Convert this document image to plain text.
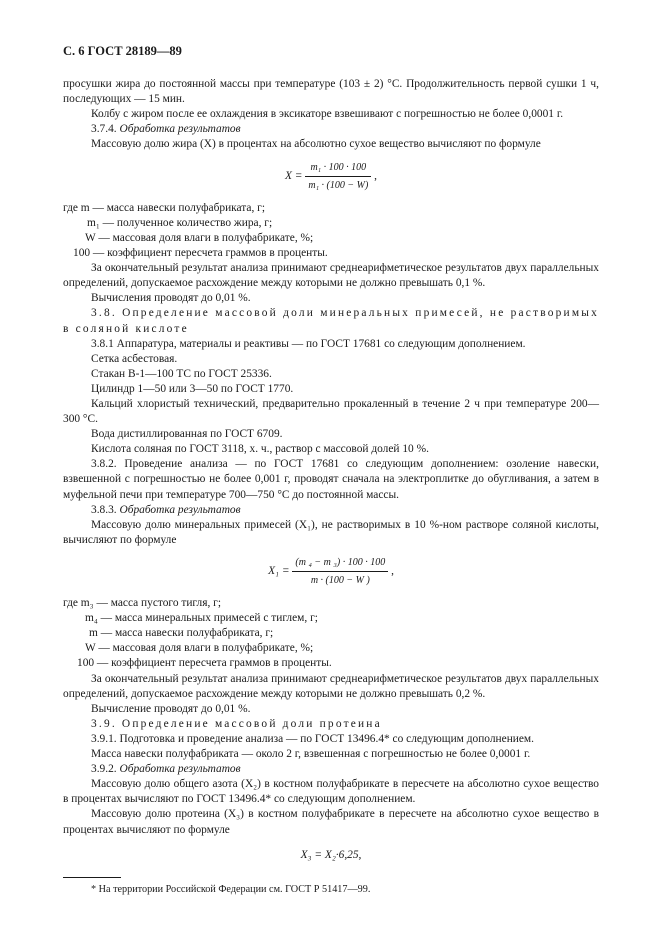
С. 6 ГОСТ 28189—89

просушки жира до постоянной массы при температуре (103 ± 2) °С. Продолжительность первой сушки 1 ч, последующих — 15 мин.

Колбу с жиром после ее охлаждения в эксикаторе взвешивают с погрешностью не более 0,0001 г.

3.7.4. Обработка результатов

Массовую долю жира (X) в процентах на абсолютно сухое вещество вычисляют по формуле

$X = \frac{\text{m₁ · 100 · 100}}{\text{m₁ · (100 − W)}}$ ,
где m — масса навески полуфабриката, г;
m₁ — полученное количество жира, г;
W — массовая доля влаги в полуфабрикате, %;
100 — коэффициент пересчета граммов в проценты.

За окончательный результат анализа принимают среднеарифметическое результатов двух параллельных определений, допускаемое расхождение между которыми не должно превышать 0,1 %.

Вычисления проводят до 0,01 %.

3.8. Определение массовой доли минеральных примесей, не растворимых в соляной кислоте

3.8.1 Аппаратура, материалы и реактивы — по ГОСТ 17681 со следующим дополнением.

Сетка асбестовая.

Стакан В-1—100 ТС по ГОСТ 25336.

Цилиндр 1—50 или 3—50 по ГОСТ 1770.

Кальций хлористый технический, предварительно прокаленный в течение 2 ч при температуре 200—300 °С.

Вода дистиллированная по ГОСТ 6709.

Кислота соляная по ГОСТ 3118, х. ч., раствор с массовой долей 10 %.

3.8.2. Проведение анализа — по ГОСТ 17681 со следующим дополнением: озоление навески, взвешенной с погрешностью не более 0,001 г, проводят сначала на электроплитке до обугливания, а затем в муфельной печи при температуре 700—750 °С до постоянной массы.

3.8.3. Обработка результатов

Массовую долю минеральных примесей (X₁), не растворимых в 10 %-ном растворе соляной кислоты, вычисляют по формуле

$X_1 = \frac{\text{(m ₄ − m ₃) · 100 · 100}}{m \cdot (100 - W )}$ ,
где m₃ — масса пустого тигля, г;
m₄ — масса минеральных примесей с тиглем, г;
m — масса навески полуфабриката, г;
W — массовая доля влаги в полуфабрикате, %;
100 — коэффициент пересчета граммов в проценты.

За окончательный результат анализа принимают среднеарифметическое результатов двух параллельных определений, допускаемое расхождение между которыми не должно превышать 0,2 %.

Вычисление проводят до 0,01 %.

3.9. Определение массовой доли протеина

3.9.1. Подготовка и проведение анализа — по ГОСТ 13496.4* со следующим дополнением.

Масса навески полуфабриката — около 2 г, взвешенная с погрешностью не более 0,0001 г.

3.9.2. Обработка результатов

Массовую долю общего азота (X₂) в костном полуфабрикате в пересчете на абсолютно сухое вещество в процентах вычисляют по ГОСТ 13496.4* со следующим дополнением.

Массовую долю протеина (X₃) в костном полуфабрикате в пересчете на абсолютно сухое вещество в процентах вычисляют по формуле

X₃ = X₂·6,25,

* На территории Российской Федерации см. ГОСТ Р 51417—99.
